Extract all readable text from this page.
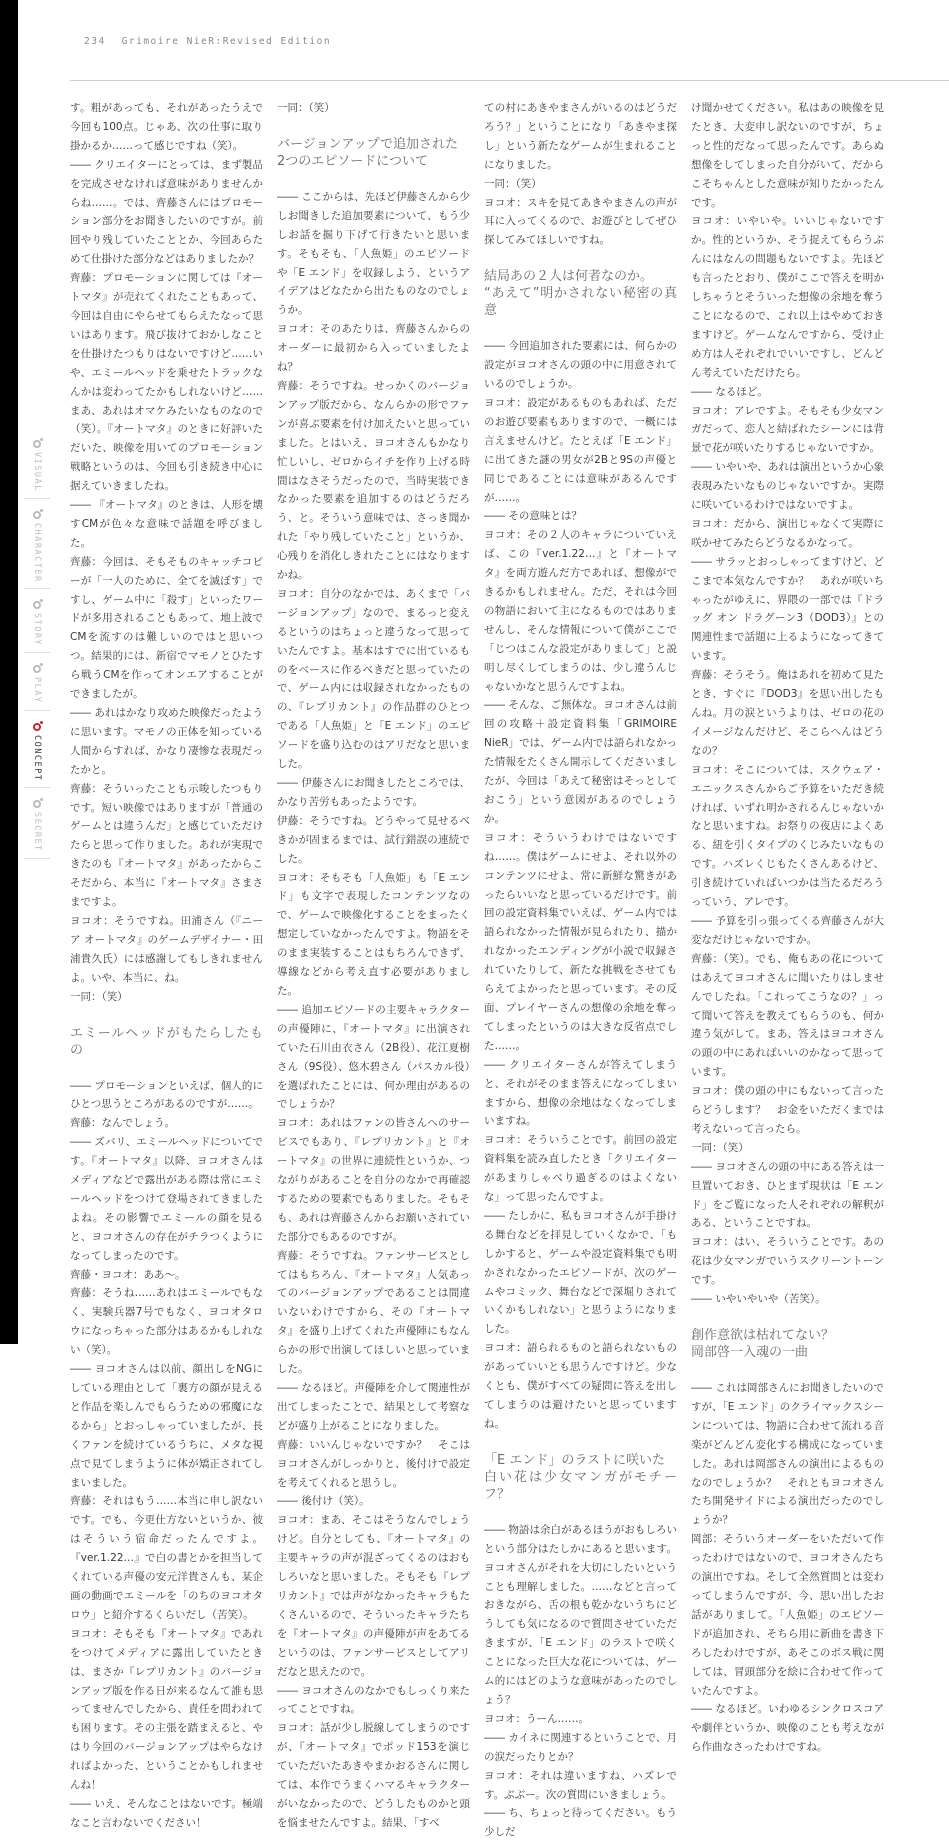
234 Grimoire NieR:Revised Edition
VISUAL
CHARACTER
STORY
PLAY
CONCEPT
SECRET

す。粗があっても、それがあったうえで今回も100点。じゃあ、次の仕事に取り掛かるか……って感じですね（笑）。

―― クリエイターにとっては、まず製品を完成させなければ意味がありませんからね……。では、齊藤さんにはプロモーション部分をお聞きしたいのですが。前回やり残していたこととか、今回あらためて仕掛けた部分などはありましたか？

齊藤：プロモーションに関しては『オートマタ』が売れてくれたこともあって、今回は自由にやらせてもらえたなって思いはあります。飛び抜けておかしなことを仕掛けたつもりはないですけど……いや、エミールヘッドを乗せたトラックなんかは変わってたかもしれないけど……まあ、あれはオマケみたいなものなので（笑）。『オートマタ』のときに好評いただいた、映像を用いてのプロモーション戦略というのは、今回も引き続き中心に据えていきましたね。

―― 『オートマタ』のときは、人形を壊すCMが色々な意味で話題を呼びました。

齊藤：今回は、そもそものキャッチコピーが「一人のために、全てを滅ぼす」ですし、ゲーム中に「殺す」といったワードが多用されることもあって、地上波でCMを流すのは難しいのではと思いつつ。結果的には、新宿でマモノとひたすら戦うCMを作ってオンエアすることができましたが。

―― あれはかなり攻めた映像だったように思います。マモノの正体を知っている人間からすれば、かなり凄惨な表現だったかと。

齊藤：そういったことも示唆したつもりです。短い映像ではありますが「普通のゲームとは違うんだ」と感じていただけたらと思って作りました。あれが実現できたのも『オートマタ』があったからこそだから、本当に『オートマタ』さまさまですよ。

ヨコオ：そうですね。田浦さん（『ニーア オートマタ』のゲームデザイナー・田浦貴久氏）には感謝してもしきれませんよ。いや、本当に、ね。

一同：（笑）

エミールヘッドがもたらしたもの

―― プロモーションといえば、個人的にひとつ思うところがあるのですが……。

齊藤：なんでしょう。

―― ズバリ、エミールヘッドについてです。『オートマタ』以降、ヨコオさんはメディアなどで露出がある際は常にエミールヘッドをつけて登場されてきましたよね。その影響でエミールの顔を見ると、ヨコオさんの存在がチラつくようになってしまったのです。

齊藤・ヨコオ：ああ～。

齊藤：そうね……あれはエミールでもなく、実験兵器7号でもなく、ヨコオタロウになっちゃった部分はあるかもしれない（笑）。

―― ヨコオさんは以前、顔出しをNGにしている理由として「裏方の顔が見えると作品を楽しんでもらうための邪魔になるから」とおっしゃっていましたが、長くファンを続けているうちに、メタな視点で見てしまうように体が矯正されてしまいました。

齊藤：それはもう……本当に申し訳ないです。でも、今更仕方ないというか、彼はそういう宿命だったんですよ。『ver.1.22…』で白の書とかを担当してくれている声優の安元洋貴さんも、某企画の動画でエミールを「のちのヨコオタロウ」と紹介するくらいだし（苦笑）。

ヨコオ：そもそも『オートマタ』であれをつけてメディアに露出していたときは、まさか『レプリカント』のバージョンアップ版を作る日が来るなんて誰も思ってませんでしたから、責任を問われても困ります。その主張を踏まえると、やはり今回のバージョンアップはやらなければよかった、ということかもしれませんね！

―― いえ、そんなことはないです。極端なこと言わないでください！

一同：（笑）

バージョンアップで追加された
2つのエピソードについて

―― ここからは、先ほど伊藤さんから少しお聞きした追加要素について、もう少しお話を掘り下げて行きたいと思います。そもそも、「人魚姫」のエピソードや「E エンド」を収録しよう、というアイデアはどなたから出たものなのでしょうか。

ヨコオ：そのあたりは、齊藤さんからのオーダーに最初から入っていましたよね？

齊藤：そうですね。せっかくのバージョンアップ版だから、なんらかの形でファンが喜ぶ要素を付け加えたいと思っていました。とはいえ、ヨコオさんもかなり忙しいし、ゼロからイチを作り上げる時間はなさそうだったので、当時実装できなかった要素を追加するのはどうだろう、と。そういう意味では、さっき聞かれた「やり残していたこと」というか、心残りを消化しきれたことにはなりますかね。

ヨコオ：自分のなかでは、あくまで「バージョンアップ」なので、まるっと変えるというのはちょっと違うなって思っていたんですよ。基本はすでに出ているものをベースに作るべきだと思っていたので、ゲーム内には収録されなかったものの、『レプリカント』の作品群のひとつである「人魚姫」と「E エンド」のエピソードを盛り込むのはアリだなと思いました。

―― 伊藤さんにお聞きしたところでは、かなり苦労もあったようです。

伊藤：そうですね。どうやって見せるべきかが固まるまでは、試行錯誤の連続でした。

ヨコオ：そもそも「人魚姫」も「E エンド」も文字で表現したコンテンツなので、ゲームで映像化することをまったく想定していなかったんですよ。物語をそのまま実装することはもちろんできず、導線などから考え直す必要がありました。

―― 追加エピソードの主要キャラクターの声優陣に、『オートマタ』に出演されていた石川由衣さん（2B役）、花江夏樹さん（9S役）、悠木碧さん（パスカル役）を選ばれたことには、何か理由があるのでしょうか？

ヨコオ：あれはファンの皆さんへのサービスでもあり、『レプリカント』と『オートマタ』の世界に連続性というか、つながりがあることを自分のなかで再確認するための要素でもありました。そもそも、あれは齊藤さんからお願いされていた部分でもあるのですが。

齊藤：そうですね。ファンサービスとしてはもちろん、『オートマタ』人気あってのバージョンアップであることは間違いないわけですから、その『オートマタ』を盛り上げてくれた声優陣にもなんらかの形で出演してほしいと思っていました。

―― なるほど。声優陣を介して関連性が出てしまったことで、結果として考察などが盛り上がることになりました。

齊藤：いいんじゃないですか？　そこはヨコオさんがしっかりと、後付けで設定を考えてくれると思うし。

―― 後付け（笑）。

ヨコオ：まあ、そこはそうなんでしょうけど。自分としても、『オートマタ』の主要キャラの声が混ざってくるのはおもしろいなと思いました。そもそも『レプリカント』では声がなかったキャラもたくさんいるので、そういったキャラたちを『オートマタ』の声優陣が声をあてるというのは、ファンサービスとしてアリだなと思えたので。

―― ヨコオさんのなかでもしっくり来たってことですね。

ヨコオ：話が少し脱線してしまうのですが、『オートマタ』でポッド153を演じていただいたあきやまかおるさんに関しては、本作でうまくハマるキャラクターがいなかったので、どうしたものかと頭を悩ませたんですよ。結果、「すべ

ての村にあきやまさんがいるのはどうだろう？」ということになり「あきやま探し」という新たなゲームが生まれることになりました。

一同：（笑）

ヨコオ：スキを見てあきやまさんの声が耳に入ってくるので、お遊びとしてぜひ探してみてほしいですね。

結局あの２人は何者なのか。
“あえて”明かされない秘密の真意

―― 今回追加された要素には、何らかの設定がヨコオさんの頭の中に用意されているのでしょうか。

ヨコオ：設定があるものもあれば、ただのお遊び要素もありますので、一概には言えませんけど。たとえば「E エンド」に出てきた謎の男女が2Bと9Sの声優と同じであることには意味があるんですが……。

―― その意味とは？

ヨコオ：その２人のキャラについていえば、この『ver.1.22…』と『オートマタ』を両方遊んだ方であれば、想像ができるかもしれません。ただ、それは今回の物語において主になるものではありませんし、そんな情報について僕がここで「じつはこんな設定がありまして」と説明し尽くしてしまうのは、少し違うんじゃないかなと思うんですよね。

―― そんな、ご無体な。ヨコオさんは前回の攻略＋設定資料集「GRIMOIRE NieR」では、ゲーム内では語られなかった情報をたくさん開示してくださいましたが、今回は「あえて秘密はそっとしておこう」という意図があるのでしょうか。

ヨコオ：そういうわけではないですね……。僕はゲームにせよ、それ以外のコンテンツにせよ、常に新鮮な驚きがあったらいいなと思っているだけです。前回の設定資料集でいえば、ゲーム内では語られなかった情報が見られたり、描かれなかったエンディングが小説で収録されていたりして、新たな挑戦をさせてもらえてよかったと思っています。その反面、プレイヤーさんの想像の余地を奪ってしまったというのは大きな反省点でした……。

―― クリエイターさんが答えてしまうと、それがそのまま答えになってしまいますから、想像の余地はなくなってしまいますね。

ヨコオ：そういうことです。前回の設定資料集を読み直したとき「クリエイターがあまりしゃべり過ぎるのはよくないな」って思ったんですよ。

―― たしかに、私もヨコオさんが手掛ける舞台などを拝見していくなかで、「もしかすると、ゲームや設定資料集でも明かされなかったエピソードが、次のゲームやコミック、舞台などで深堀りされていくかもしれない」と思うようになりました。

ヨコオ：語られるものと語られないものがあっていいとも思うんですけど。少なくとも、僕がすべての疑問に答えを出してしまうのは避けたいと思っていますね。

「E エンド」のラストに咲いた
白い花は少女マンガがモチーフ？

―― 物語は余白があるほうがおもしろいという部分はたしかにあると思います。ヨコオさんがそれを大切にしたいということも理解しました。……などと言っておきながら、舌の根も乾かないうちにどうしても気になるので質問させていただきますが、「E エンド」のラストで咲くことになった巨大な花については、ゲーム的にはどのような意味があったのでしょう？

ヨコオ：うーん……。

―― カイネに関連するということで、月の涙だったりとか？

ヨコオ：それは違いますね、ハズレです。ぶぶー。次の質問にいきましょう。

―― ち、ちょっと待ってください。もう少しだ

け聞かせてください。私はあの映像を見たとき、大変申し訳ないのですが、ちょっと性的だなって思ったんです。あらぬ想像をしてしまった自分がいて、だからこそちゃんとした意味が知りたかったんです。

ヨコオ：いやいや。いいじゃないですか。性的というか、そう捉えてもらうぶんにはなんの問題もないですよ。先ほども言ったとおり、僕がここで答えを明かしちゃうとそういった想像の余地を奪うことになるので、これ以上はやめておきますけど。ゲームなんですから、受け止め方は人それぞれでいいですし、どんどん考えていただけたら。

―― なるほど。

ヨコオ：アレですよ。そもそも少女マンガだって、恋人と結ばれたシーンには背景で花が咲いたりするじゃないですか。

―― いやいや、あれは演出というか心象表現みたいなものじゃないですか。実際に咲いているわけではないですよ。

ヨコオ：だから、演出じゃなくて実際に咲かせてみたらどうなるかなって。

―― サラッとおっしゃってますけど、どこまで本気なんですか？　あれが咲いちゃったがゆえに、界隈の一部では『ドラッグ オン ドラグーン3（DOD3）』との関連性まで話題に上るようになってきています。

齊藤：そうそう。俺はあれを初めて見たとき、すぐに『DOD3』を思い出したもんね。月の涙というよりは、ゼロの花のイメージなんだけど、そこらへんはどうなの？

ヨコオ：そこについては、スクウェア・エニックスさんからご予算をいただき続ければ、いずれ明かされるんじゃないかなと思いますね。お祭りの夜店によくある、紐を引くタイプのくじみたいなものです。ハズレくじもたくさんあるけど、引き続けていればいつかは当たるだろうっていう、アレです。

―― 予算を引っ張ってくる齊藤さんが大変なだけじゃないですか。

齊藤：（笑）。でも、俺もあの花についてはあえてヨコオさんに聞いたりはしませんでしたね。「これってこうなの？」って聞いて答えを教えてもらうのも、何か違う気がして。まあ、答えはヨコオさんの頭の中にあればいいのかなって思っています。

ヨコオ：僕の頭の中にもないって言ったらどうします？　お金をいただくまでは考えないって言ったら。

一同：（笑）

―― ヨコオさんの頭の中にある答えは一旦置いておき、ひとまず現状は「E エンド」をご覧になった人それぞれの解釈がある、ということですね。

ヨコオ：はい、そういうことです。あの花は少女マンガでいうスクリーントーンです。

―― いやいやいや（苦笑）。

創作意欲は枯れてない？
岡部啓一入魂の一曲

―― これは岡部さんにお聞きしたいのですが、「E エンド」のクライマックスシーンについては、物語に合わせて流れる音楽がどんどん変化する構成になっていました。あれは岡部さんの演出によるものなのでしょうか？　それともヨコオさんたち開発サイドによる演出だったのでしょうか？

岡部：そういうオーダーをいただいて作ったわけではないので、ヨコオさんたちの演出ですね。そして全然質問とは変わってしまうんですが、今、思い出したお話がありまして。「人魚姫」のエピソードが追加され、そちら用に新曲を書き下ろしたわけですが、あそこのボス戦に関しては、冒頭部分を絵に合わせて作っていたんですよ。

―― なるほど。いわゆるシンクロスコアや劇伴というか、映像のことも考えながら作曲なさったわけですね。
